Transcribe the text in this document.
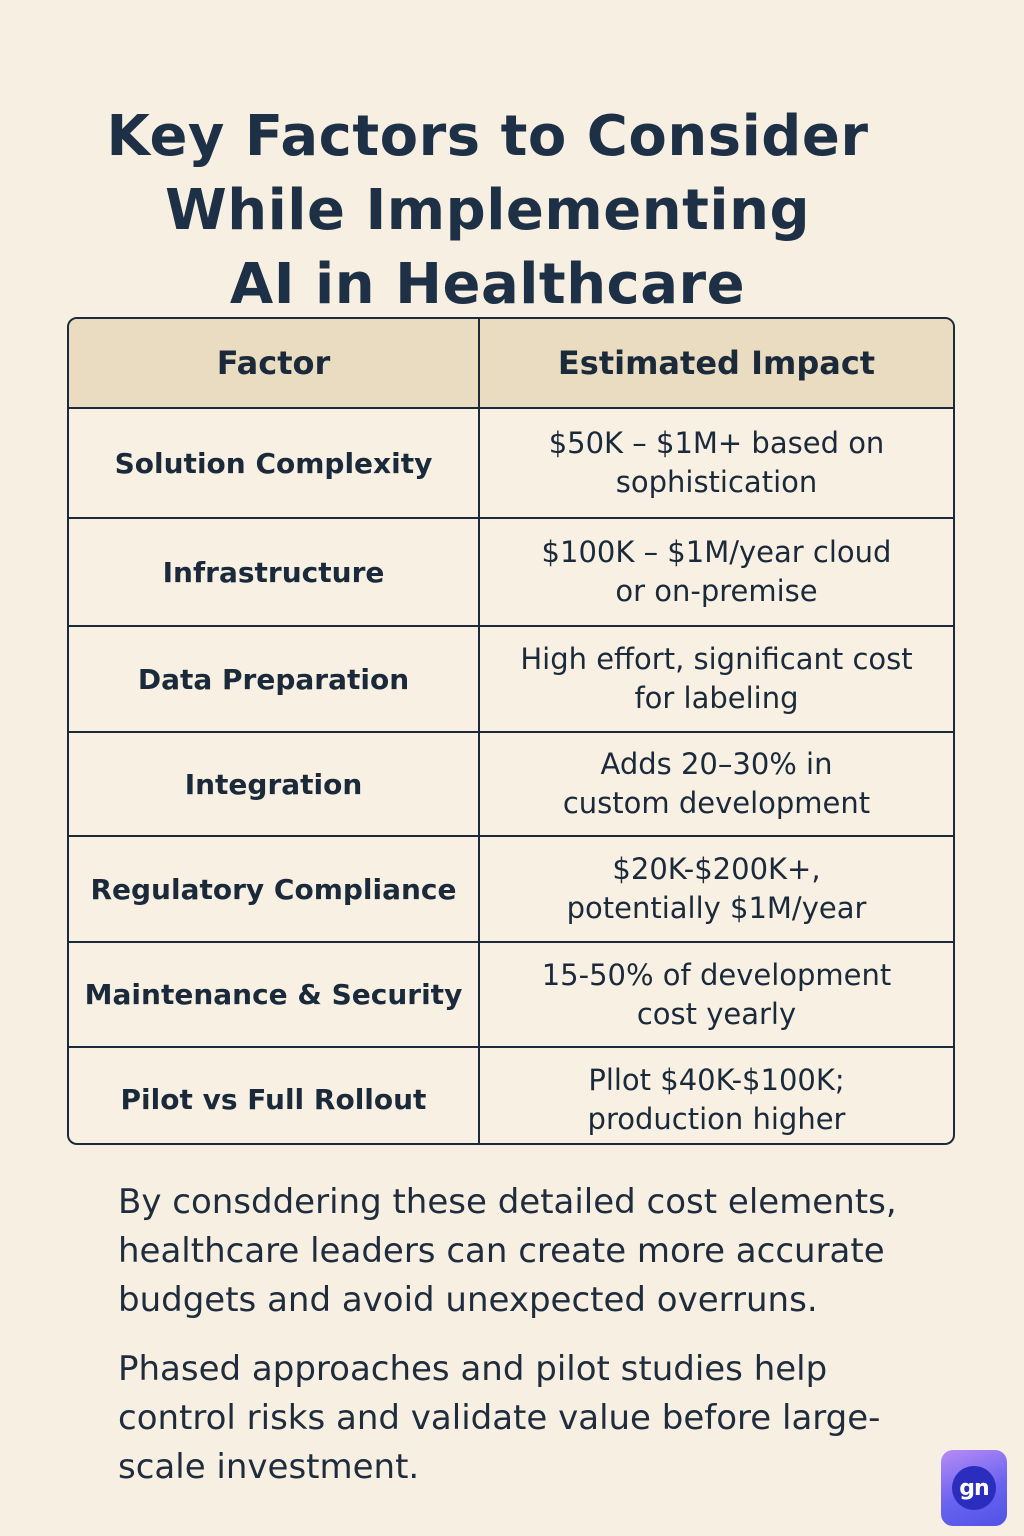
Key Factors to Consider
While Implementing
AI in Healthcare
Factor	Estimated Impact
Solution Complexity	$50K – $1M+ based on
sophistication

Infrastructure	$100K – $1M/year cloud
or on-premise

Data Preparation	High effort, significant cost
for labeling

Integration	Adds 20–30% in
custom development

Regulatory Compliance	$20K-$200K+,
potentially $1M/year

Maintenance & Security	15-50% of development
cost yearly

Pilot vs Full Rollout	Pllot $40K-$100K;
production higher

By consddering these detailed cost elements, healthcare leaders can create more accurate budgets and avoid unexpected overruns.

Phased approaches and pilot studies help control risks and validate value before large-scale investment.

gn
